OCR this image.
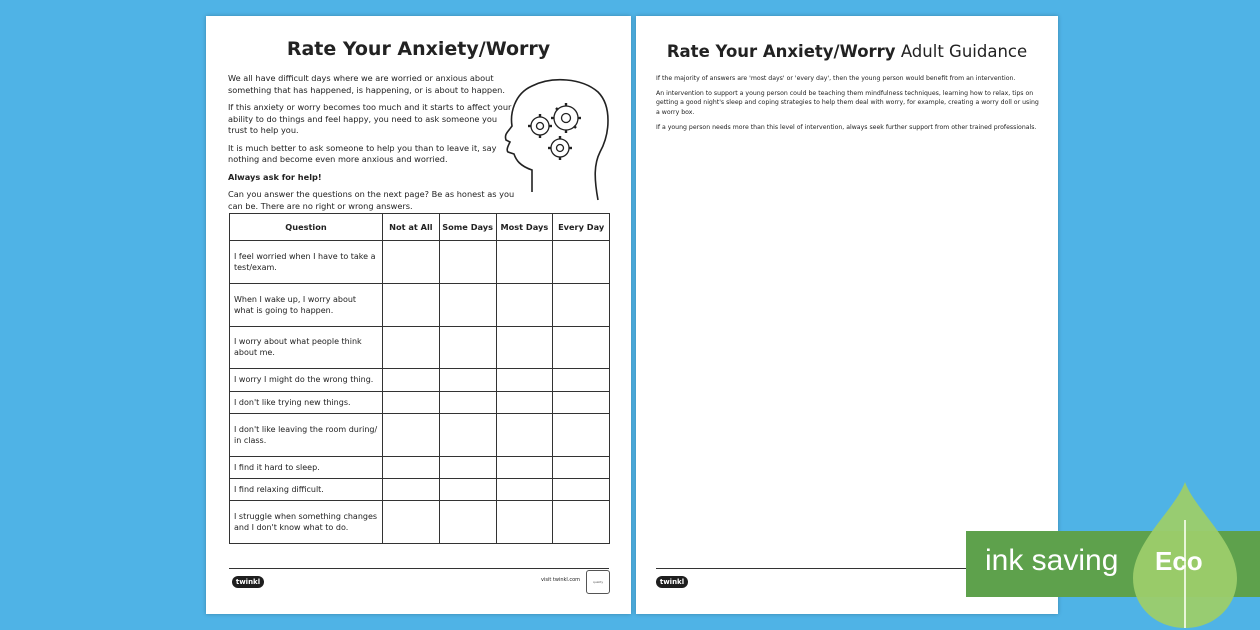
Rate Your Anxiety/Worry

We all have difficult days where we are worried or anxious about something that has happened, is happening, or is about to happen.

If this anxiety or worry becomes too much and it starts to affect your ability to do things and feel happy, you need to ask someone you trust to help you.

It is much better to ask someone to help you than to leave it, say nothing and become even more anxious and worried.

Always ask for help!

Can you answer the questions on the next page? Be as honest as you can be. There are no right or wrong answers.

Question	Not at All	Some Days	Most Days	Every Day
I feel worried when I have to take a test/exam.				
When I wake up, I worry about what is going to happen.				
I worry about what people think about me.				
I worry I might do the wrong thing.				
I don't like trying new things.				
I don't like leaving the room during/ in class.				
I find it hard to sleep.				
I find relaxing difficult.				
I struggle when something changes and I don't know what to do.				
twinkl	visit twinkl.com	quality
Rate Your Anxiety/Worry Adult Guidance

If the majority of answers are 'most days' or 'every day', then the young person would benefit from an intervention.

An intervention to support a young person could be teaching them mindfulness techniques, learning how to relax, tips on getting a good night's sleep and coping strategies to help them deal with worry, for example, creating a worry doll or using a worry box.

If a young person needs more than this level of intervention, always seek further support from other trained professionals.

twinkl
ink saving Eco
